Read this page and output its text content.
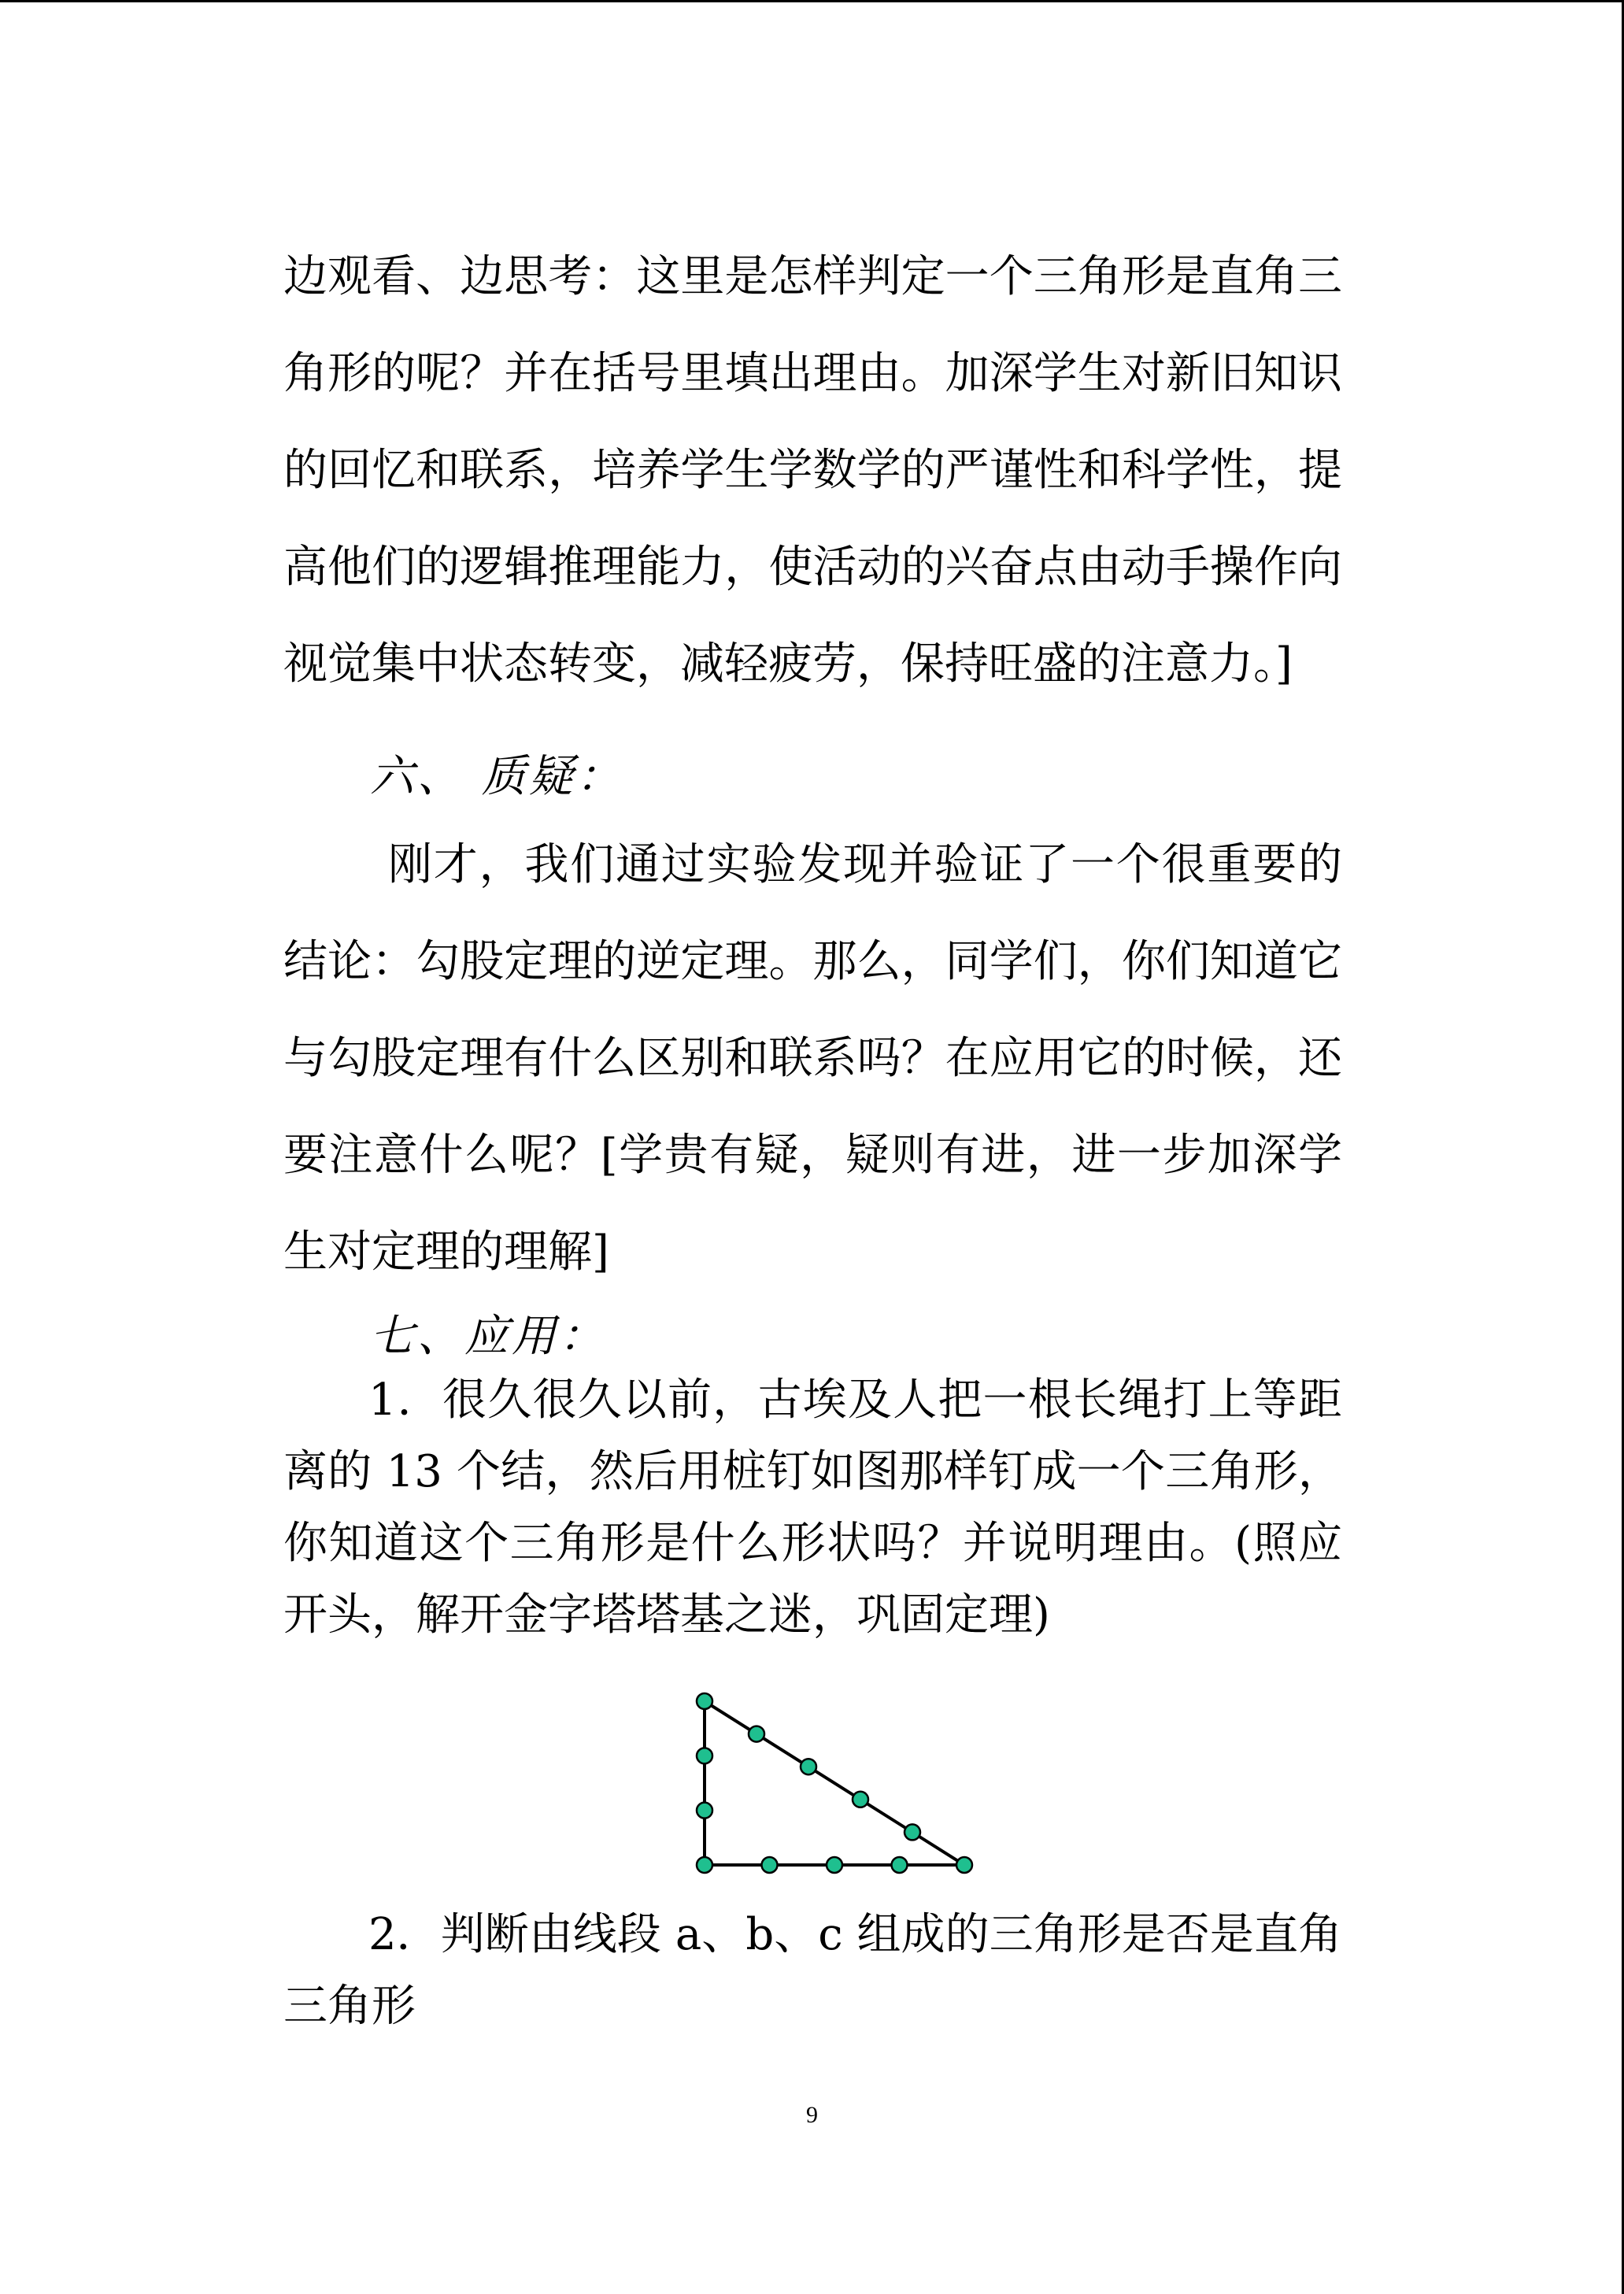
边观看、边思考：这里是怎样判定一个三角形是直角三角形的呢？并在括号里填出理由。加深学生对新旧知识的回忆和联系，培养学生学数学的严谨性和科学性，提高他们的逻辑推理能力，使活动的兴奋点由动手操作向视觉集中状态转变，减轻疲劳，保持旺盛的注意力。]

六、 质疑：

刚才，我们通过实验发现并验证了一个很重要的结论：勾股定理的逆定理。那么，同学们，你们知道它与勾股定理有什么区别和联系吗？在应用它的时候，还要注意什么呢？[学贵有疑，疑则有进，进一步加深学生对定理的理解]

七、应用：

1．很久很久以前，古埃及人把一根长绳打上等距离的 13 个结，然后用桩钉如图那样钉成一个三角形，你知道这个三角形是什么形状吗？并说明理由。(照应开头，解开金字塔塔基之迷，巩固定理)

2．判断由线段 a、b、c 组成的三角形是否是直角三角形

9
